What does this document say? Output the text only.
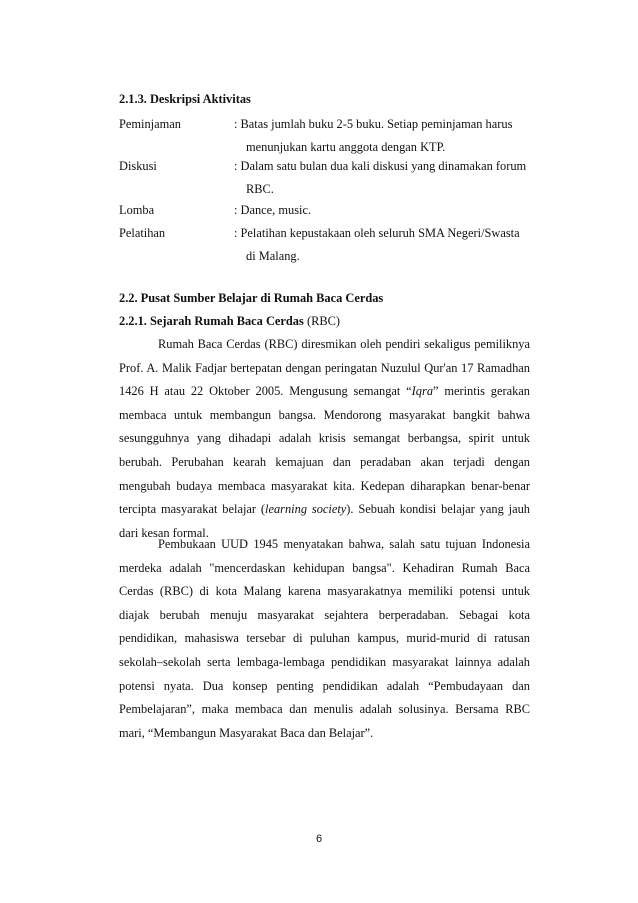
2.1.3. Deskripsi Aktivitas
Peminjaman	: Batas jumlah buku 2-5 buku. Setiap peminjaman harus
menunjukan kartu anggota dengan KTP.
Diskusi	: Dalam satu bulan dua kali diskusi yang dinamakan forum
RBC.
Lomba	: Dance, music.
Pelatihan	: Pelatihan kepustakaan oleh seluruh SMA Negeri/Swasta
di Malang.
2.2. Pusat Sumber Belajar di Rumah Baca Cerdas
2.2.1. Sejarah Rumah Baca Cerdas (RBC)
Rumah Baca Cerdas (RBC) diresmikan oleh pendiri sekaligus pemiliknya Prof. A. Malik Fadjar bertepatan dengan peringatan Nuzulul Qur'an 17 Ramadhan 1426 H atau 22 Oktober 2005. Mengusung semangat “Iqra” merintis gerakan membaca untuk membangun bangsa. Mendorong masyarakat bangkit bahwa sesungguhnya yang dihadapi adalah krisis semangat berbangsa, spirit untuk berubah. Perubahan kearah kemajuan dan peradaban akan terjadi dengan mengubah budaya membaca masyarakat kita. Kedepan diharapkan benar-benar tercipta masyarakat belajar (learning society). Sebuah kondisi belajar yang jauh dari kesan formal.
Pembukaan UUD 1945 menyatakan bahwa, salah satu tujuan Indonesia merdeka adalah "mencerdaskan kehidupan bangsa". Kehadiran Rumah Baca Cerdas (RBC) di kota Malang karena masyarakatnya memiliki potensi untuk diajak berubah menuju masyarakat sejahtera berperadaban. Sebagai kota pendidikan, mahasiswa tersebar di puluhan kampus, murid-murid di ratusan sekolah–sekolah serta lembaga-lembaga pendidikan masyarakat lainnya adalah potensi nyata. Dua konsep penting pendidikan adalah “Pembudayaan dan Pembelajaran”, maka membaca dan menulis adalah solusinya. Bersama RBC mari, “Membangun Masyarakat Baca dan Belajar”.
6
